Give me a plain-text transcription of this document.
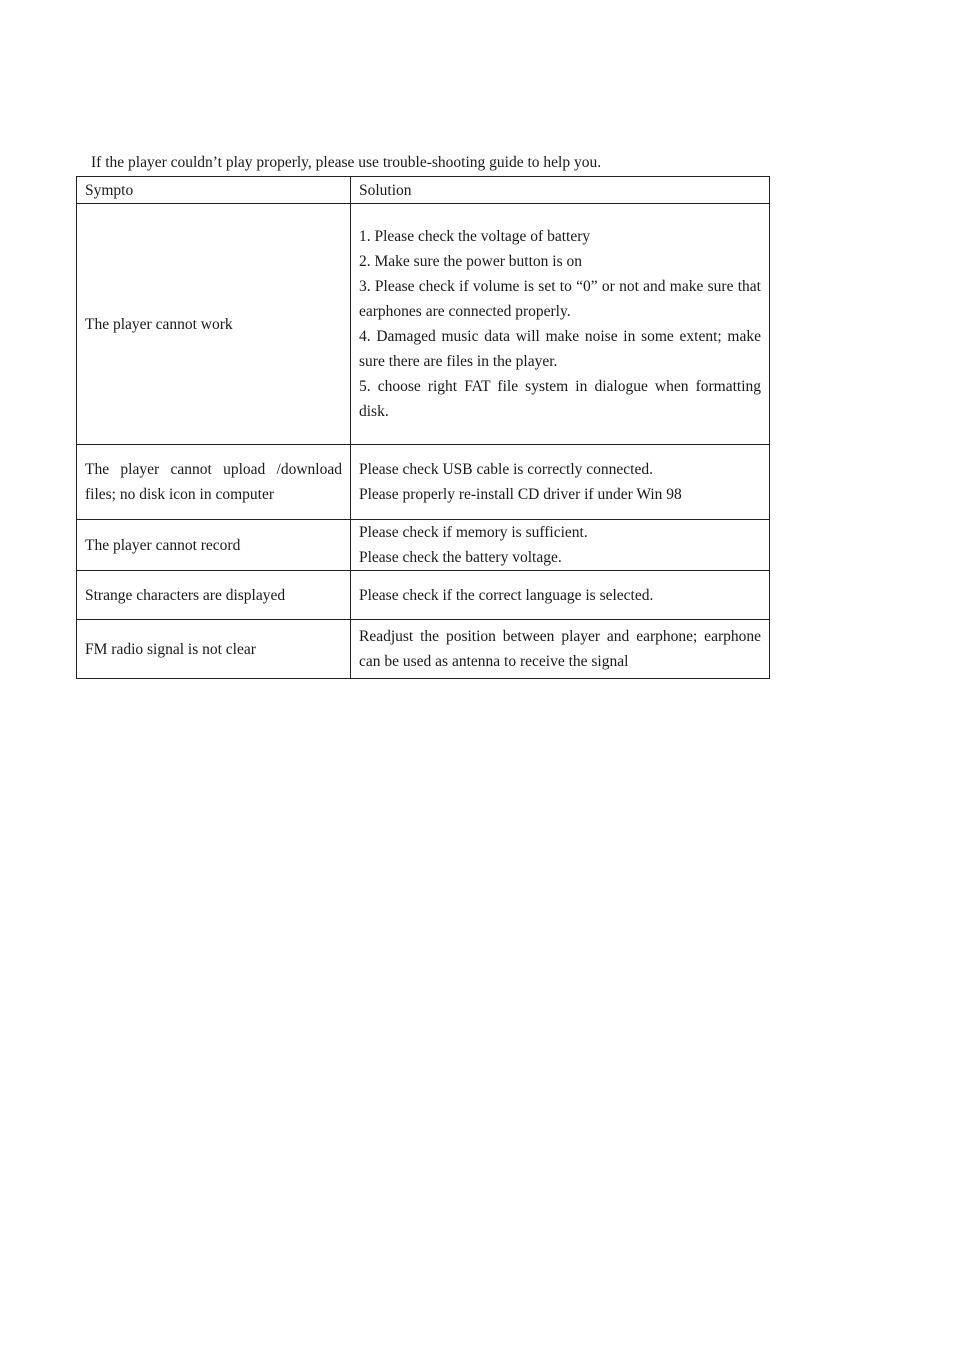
If the player couldn’t play properly, please use trouble-shooting guide to help you.
Sympto	Solution
The player cannot work	1. Please check the voltage of battery
2. Make sure the power button is on
3. Please check if volume is set to “0” or not and make sure that earphones are connected properly.
4. Damaged music data will make noise in some extent; make sure there are files in the player.
5. choose right FAT file system in dialogue when formatting disk.

The player cannot upload /download files; no disk icon in computer	Please check USB cable is correctly connected.
Please properly re-install CD driver if under Win 98

The player cannot record	Please check if memory is sufficient.
Please check the battery voltage.

Strange characters are displayed	Please check if the correct language is selected.

FM radio signal is not clear	Readjust the position between player and earphone; earphone can be used as antenna to receive the signal
